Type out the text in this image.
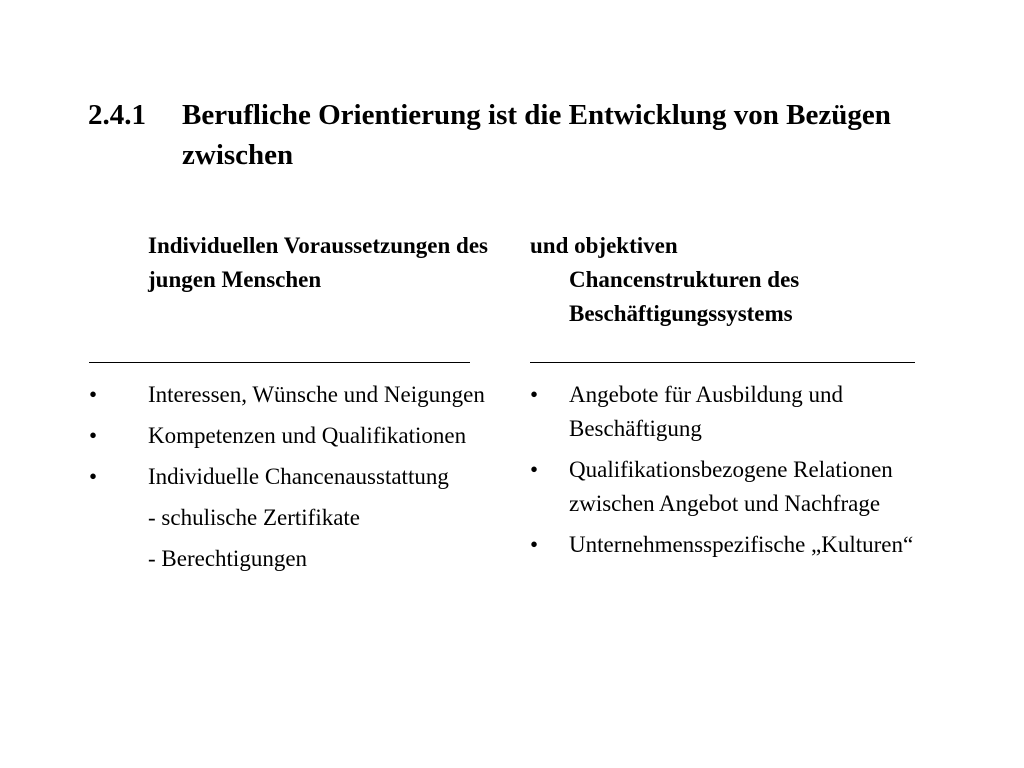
2.4.1 Berufliche Orientierung ist die Entwicklung von Bezügen zwischen
Individuellen Voraussetzungen des jungen Menschen
und objektiven
Chancenstrukturen des Beschäftigungssystems
• Interessen, Wünsche und Neigungen
• Kompetenzen und Qualifikationen
• Individuelle Chancenausstattung
- schulische Zertifikate
- Berechtigungen
• Angebote für Ausbildung und Beschäftigung
• Qualifikationsbezogene Relationen zwischen Angebot und Nachfrage
• Unternehmensspezifische „Kulturen“
